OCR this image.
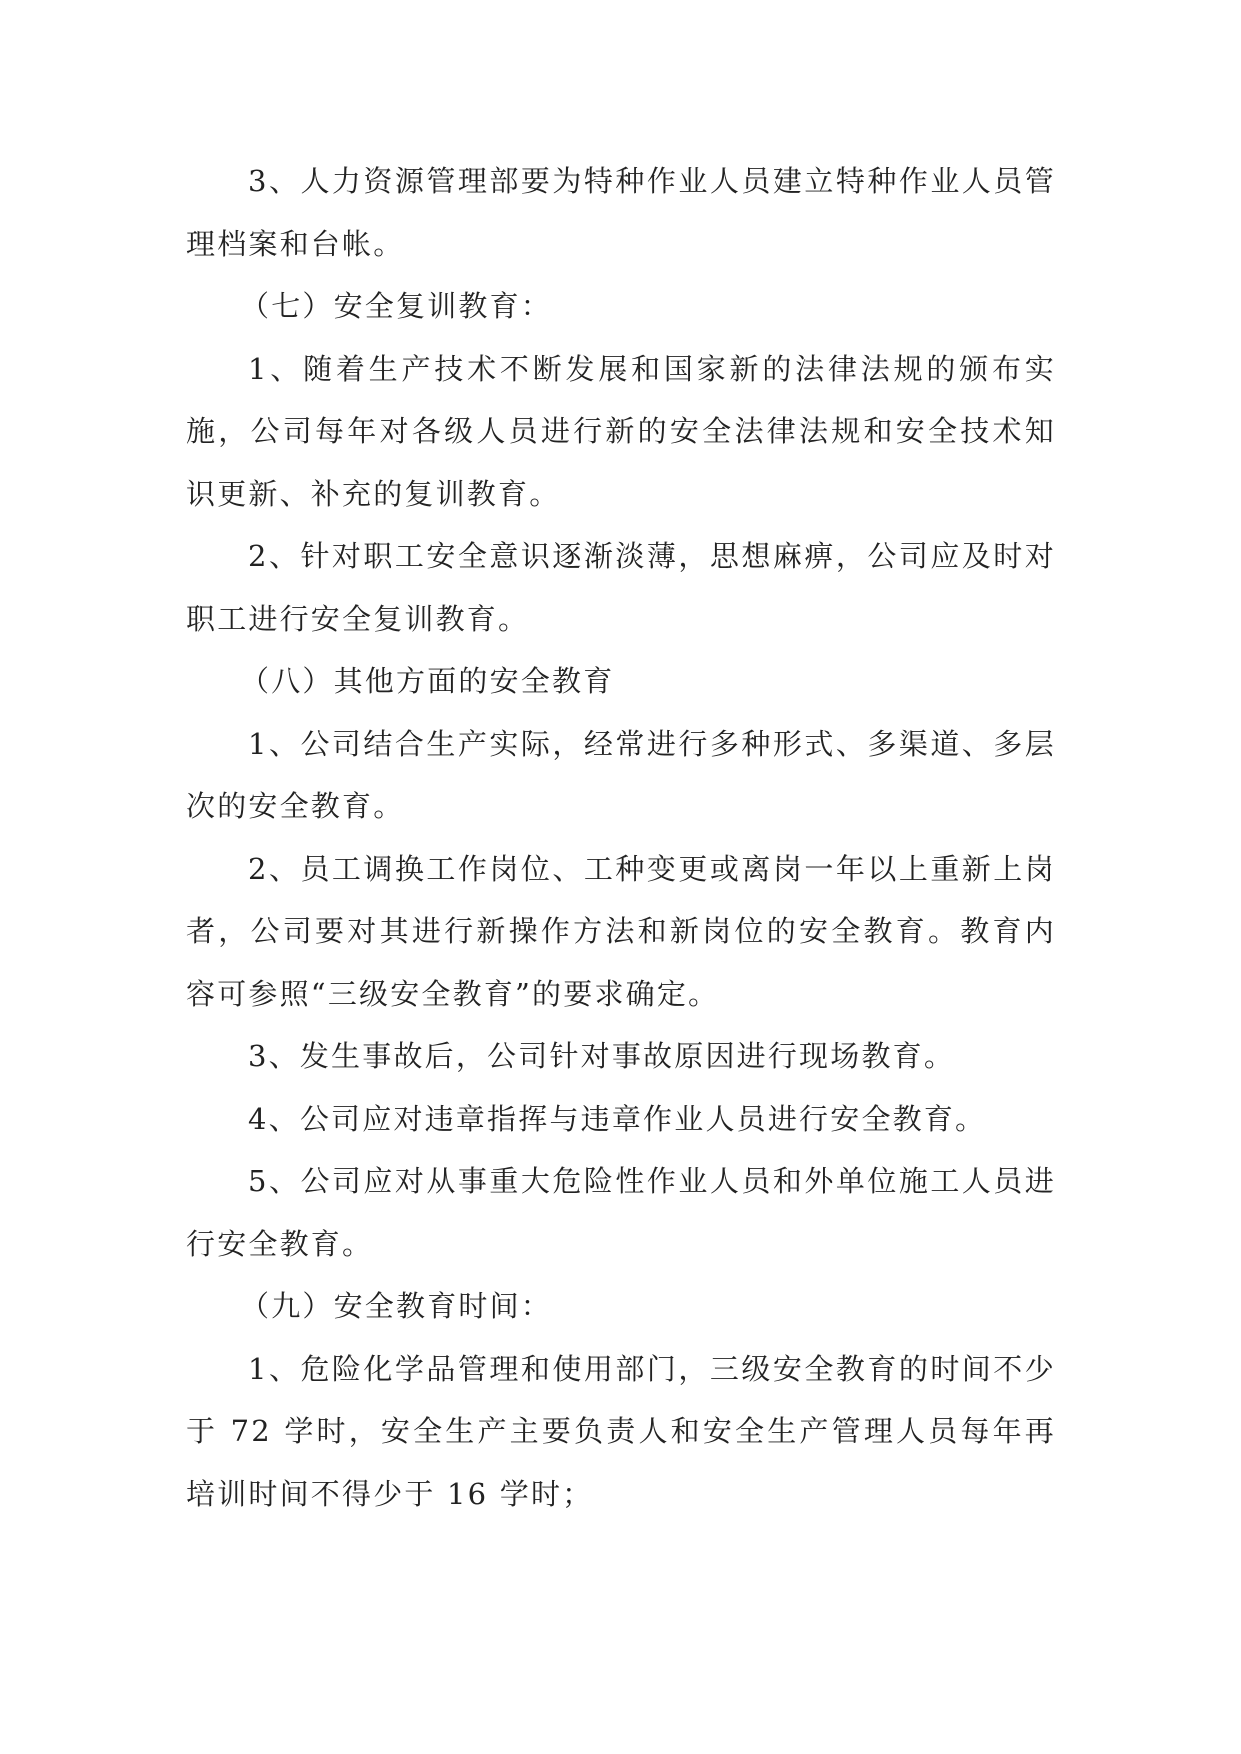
3、人力资源管理部要为特种作业人员建立特种作业人员管理档案和台帐。

（七）安全复训教育：

1、随着生产技术不断发展和国家新的法律法规的颁布实施，公司每年对各级人员进行新的安全法律法规和安全技术知识更新、补充的复训教育。

2、针对职工安全意识逐渐淡薄，思想麻痹，公司应及时对职工进行安全复训教育。

（八）其他方面的安全教育

1、公司结合生产实际，经常进行多种形式、多渠道、多层次的安全教育。

2、员工调换工作岗位、工种变更或离岗一年以上重新上岗者，公司要对其进行新操作方法和新岗位的安全教育。教育内容可参照“三级安全教育”的要求确定。

3、发生事故后，公司针对事故原因进行现场教育。

4、公司应对违章指挥与违章作业人员进行安全教育。

5、公司应对从事重大危险性作业人员和外单位施工人员进行安全教育。

（九）安全教育时间：

1、危险化学品管理和使用部门，三级安全教育的时间不少于 72 学时，安全生产主要负责人和安全生产管理人员每年再培训时间不得少于 16 学时；
